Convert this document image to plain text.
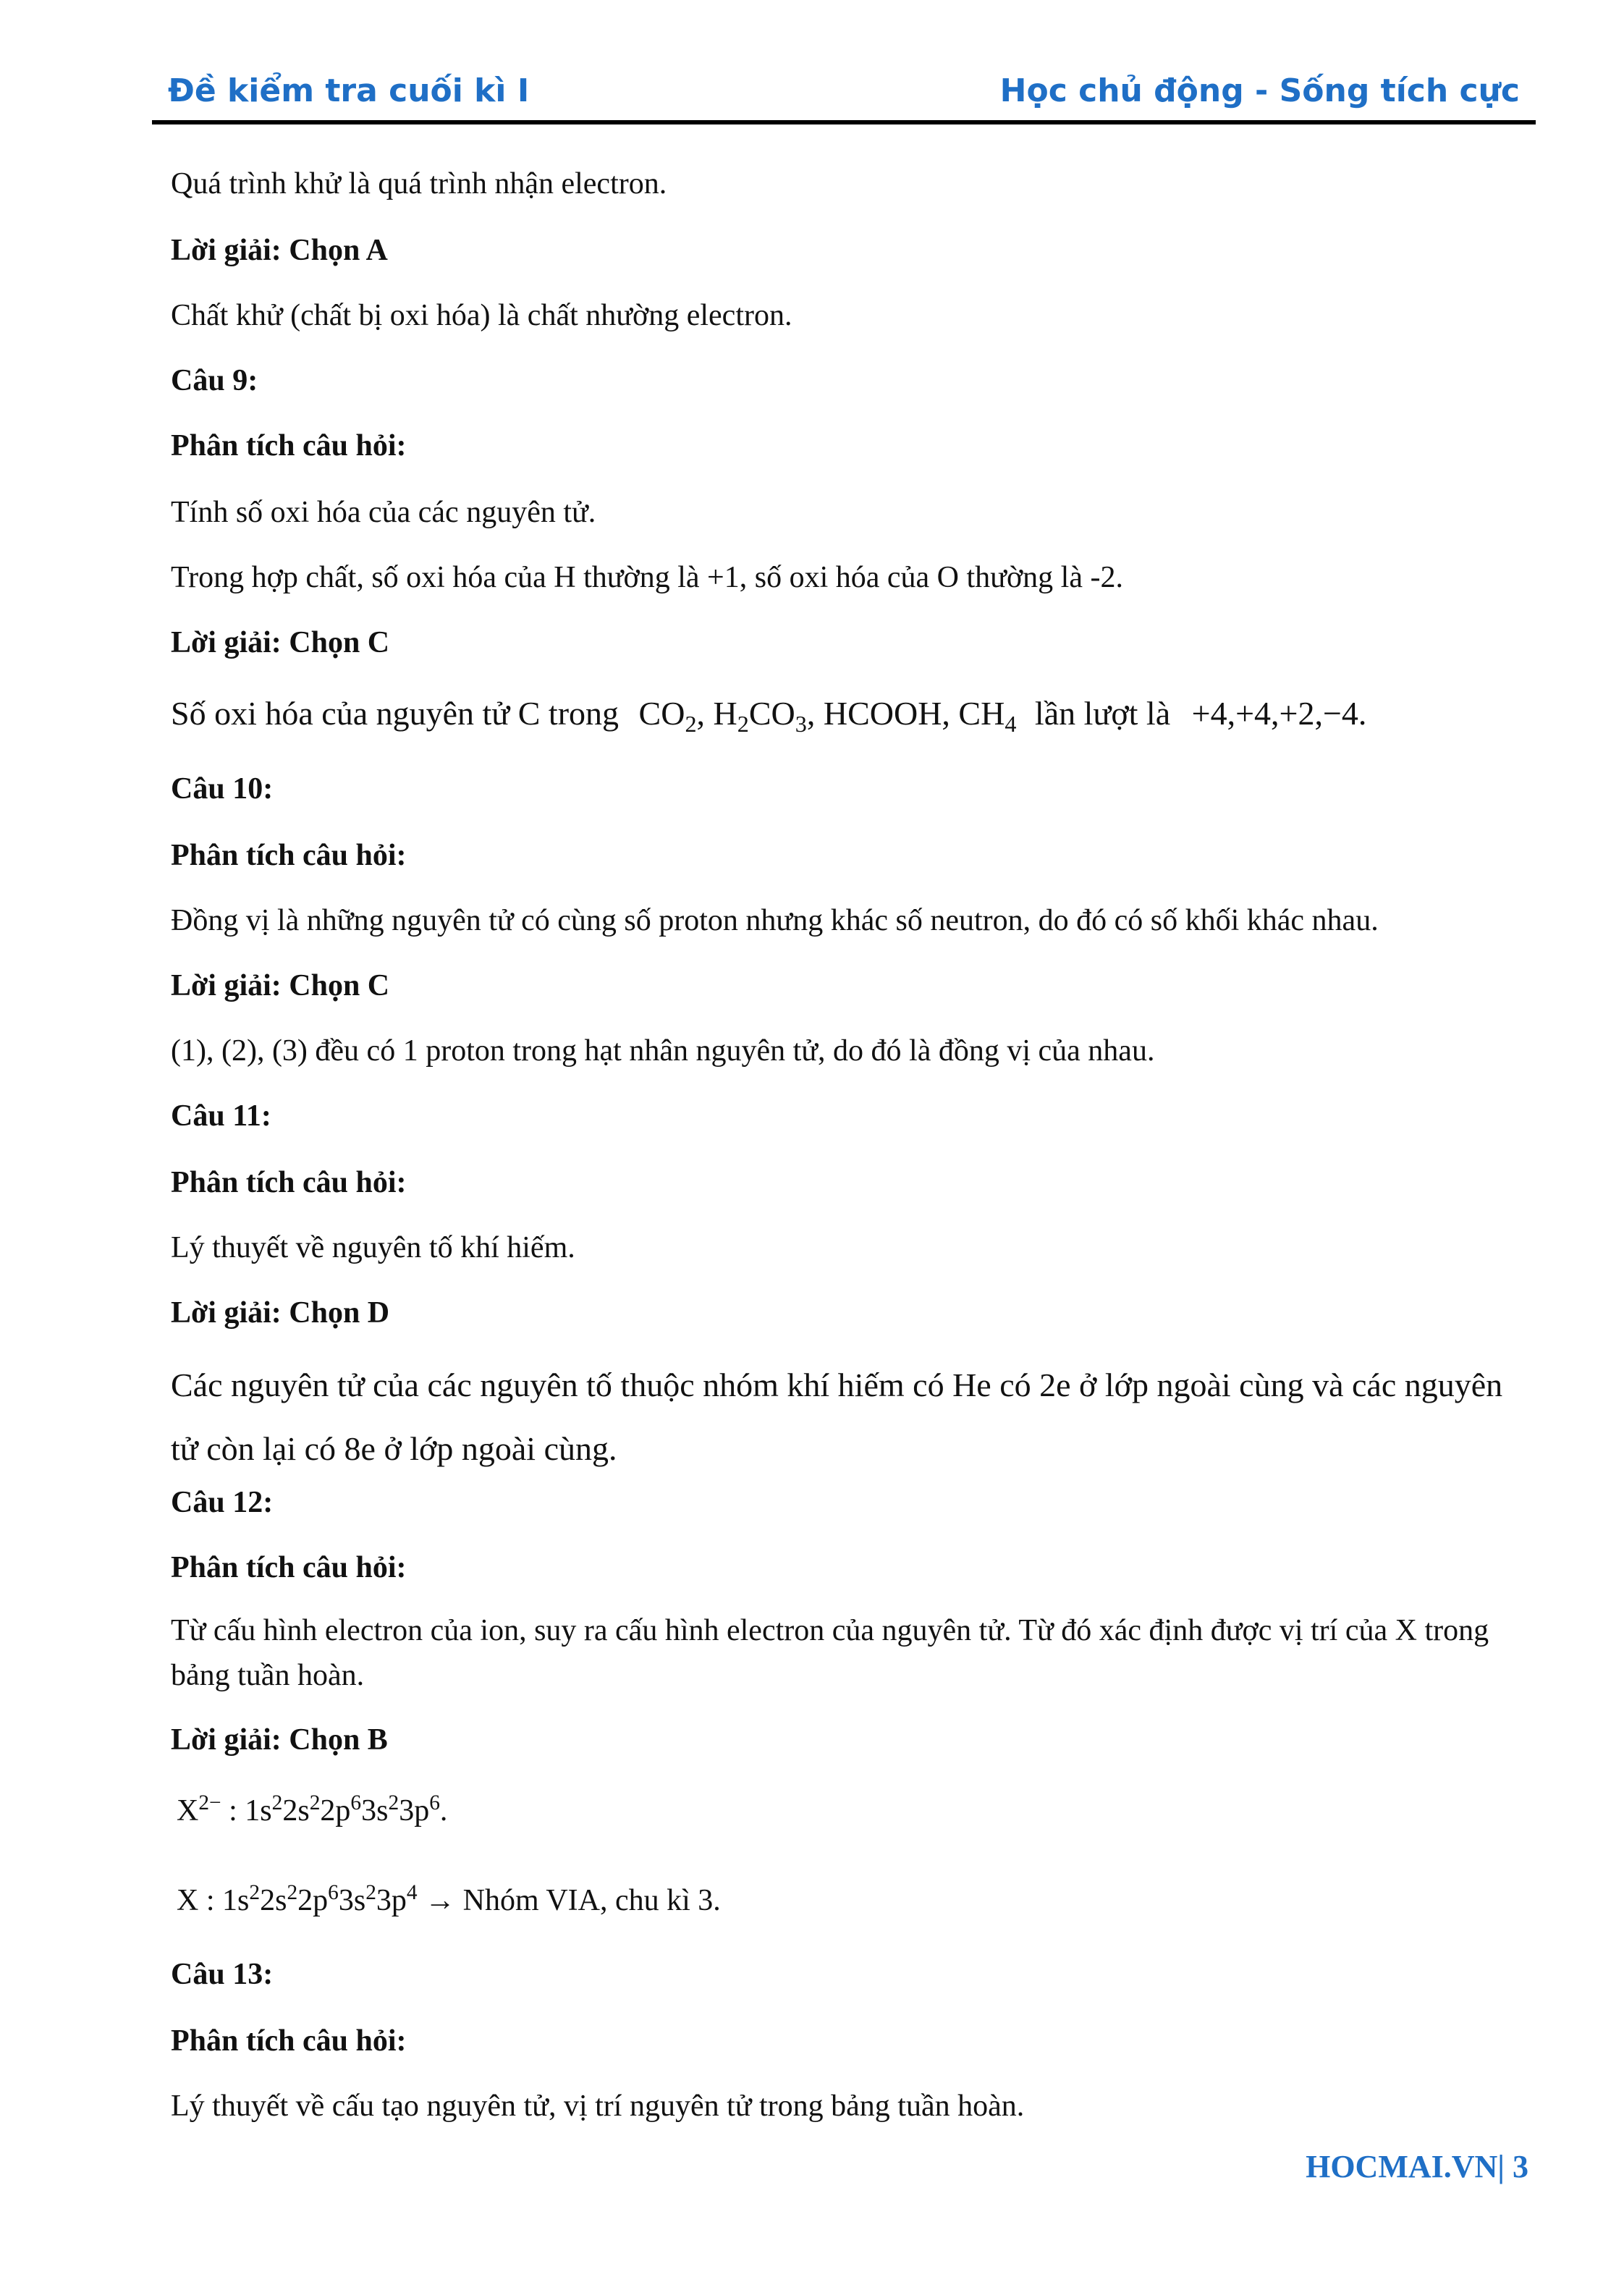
Đề kiểm tra cuối kì I	Học chủ động - Sống tích cực
Quá trình khử là quá trình nhận electron.
Lời giải: Chọn A
Chất khử (chất bị oxi hóa) là chất nhường electron.
Câu 9:
Phân tích câu hỏi:
Tính số oxi hóa của các nguyên tử.
Trong hợp chất, số oxi hóa của H thường là +1, số oxi hóa của O thường là -2.
Lời giải: Chọn C
Số oxi hóa của nguyên tử C trong $CO_2$, $H_2CO_3$, HCOOH, $CH_4$ lần lượt là +4,+4,+2,−4.
Câu 10:
Phân tích câu hỏi:
Đồng vị là những nguyên tử có cùng số proton nhưng khác số neutron, do đó có số khối khác nhau.
Lời giải: Chọn C
(1), (2), (3) đều có 1 proton trong hạt nhân nguyên tử, do đó là đồng vị của nhau.
Câu 11:
Phân tích câu hỏi:
Lý thuyết về nguyên tố khí hiếm.
Lời giải: Chọn D
Các nguyên tử của các nguyên tố thuộc nhóm khí hiếm có He có 2e ở lớp ngoài cùng và các nguyên tử còn lại có 8e ở lớp ngoài cùng.
Câu 12:
Phân tích câu hỏi:
Từ cấu hình electron của ion, suy ra cấu hình electron của nguyên tử. Từ đó xác định được vị trí của X trong bảng tuần hoàn.
Lời giải: Chọn B
$X^{2-}$ : $1s^22s^22p^63s^23p^6$.
X : $1s^22s^22p^63s^23p^4$ → Nhóm VIA, chu kì 3.
Câu 13:
Phân tích câu hỏi:
Lý thuyết về cấu tạo nguyên tử, vị trí nguyên tử trong bảng tuần hoàn.
HOCMAI.VN| 3
